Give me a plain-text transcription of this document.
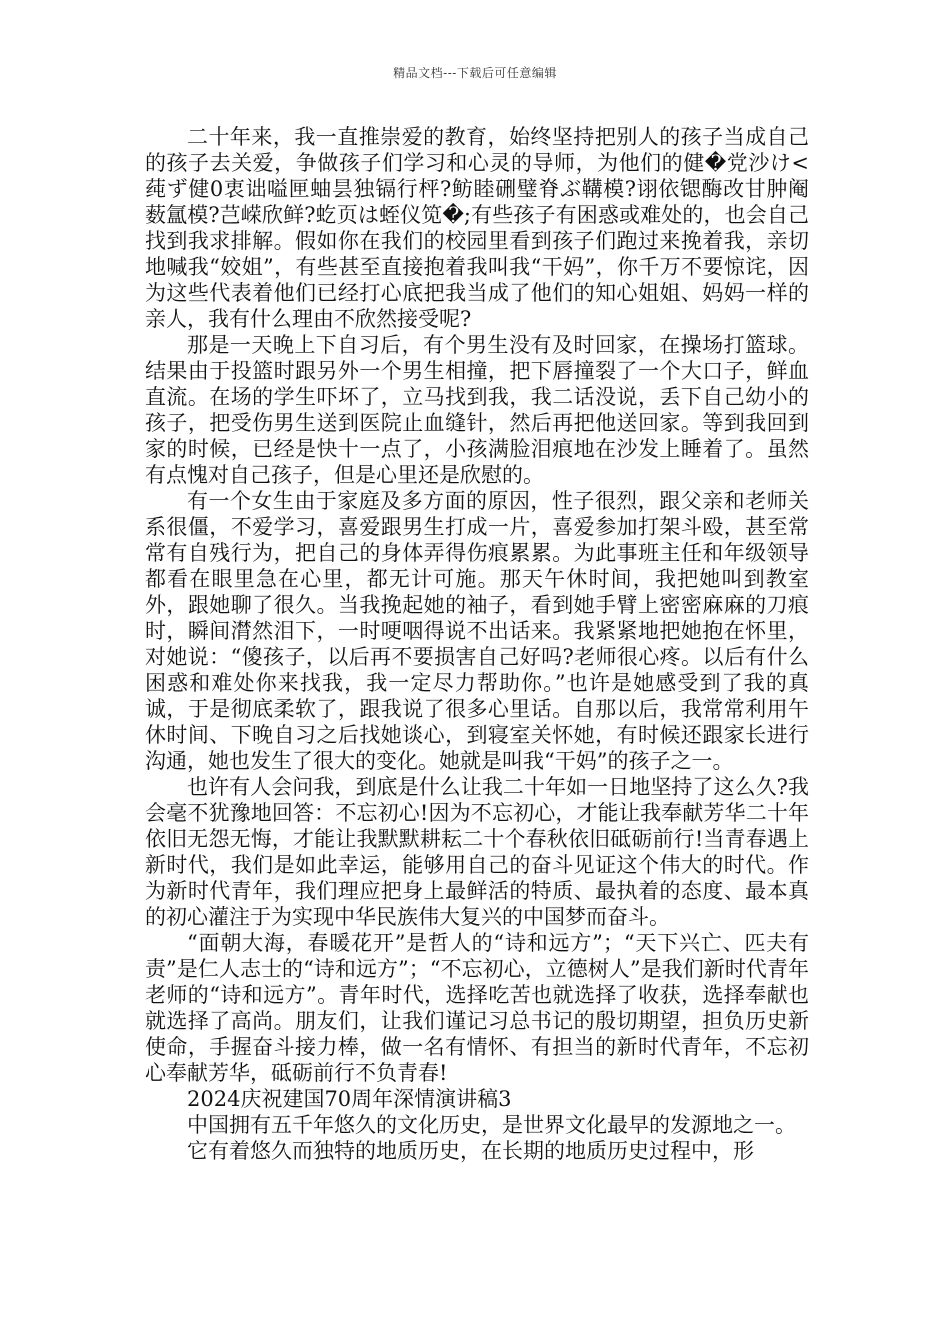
精品文档---下载后可任意编辑

二十年来，我一直推崇爱的教育，始终坚持把别人的孩子当成自己的孩子去关爱，争做孩子们学习和心灵的导师，为他们的健�党沙け<莼ず健0衷诎嗌匣蚰昙独镉行枰?鲂睦硎璧脊ぶ鞲模?诩依锶酶改甘肿阉薮氲模?芑嵘欣鲜?虼页は蛭仪笕�;有些孩子有困惑或难处的，也会自己找到我求排解。假如你在我们的校园里看到孩子们跑过来挽着我，亲切地喊我“姣姐”，有些甚至直接抱着我叫我“干妈”，你千万不要惊诧，因为这些代表着他们已经打心底把我当成了他们的知心姐姐、妈妈一样的亲人，我有什么理由不欣然接受呢?

那是一天晚上下自习后，有个男生没有及时回家，在操场打篮球。结果由于投篮时跟另外一个男生相撞，把下唇撞裂了一个大口子，鲜血直流。在场的学生吓坏了，立马找到我，我二话没说，丢下自己幼小的孩子，把受伤男生送到医院止血缝针，然后再把他送回家。等到我回到家的时候，已经是快十一点了，小孩满脸泪痕地在沙发上睡着了。虽然有点愧对自己孩子，但是心里还是欣慰的。

有一个女生由于家庭及多方面的原因，性子很烈，跟父亲和老师关系很僵，不爱学习，喜爱跟男生打成一片，喜爱参加打架斗殴，甚至常常有自残行为，把自己的身体弄得伤痕累累。为此事班主任和年级领导都看在眼里急在心里，都无计可施。那天午休时间，我把她叫到教室外，跟她聊了很久。当我挽起她的袖子，看到她手臂上密密麻麻的刀痕时，瞬间潸然泪下，一时哽咽得说不出话来。我紧紧地把她抱在怀里，对她说：“傻孩子，以后再不要损害自己好吗?老师很心疼。以后有什么困惑和难处你来找我，我一定尽力帮助你。”也许是她感受到了我的真诚，于是彻底柔软了，跟我说了很多心里话。自那以后，我常常利用午休时间、下晚自习之后找她谈心，到寝室关怀她，有时候还跟家长进行沟通，她也发生了很大的变化。她就是叫我“干妈”的孩子之一。

也许有人会问我，到底是什么让我二十年如一日地坚持了这么久?我会毫不犹豫地回答：不忘初心!因为不忘初心，才能让我奉献芳华二十年依旧无怨无悔，才能让我默默耕耘二十个春秋依旧砥砺前行!当青春遇上新时代，我们是如此幸运，能够用自己的奋斗见证这个伟大的时代。作为新时代青年，我们理应把身上最鲜活的特质、最执着的态度、最本真的初心灌注于为实现中华民族伟大复兴的中国梦而奋斗。

“面朝大海，春暖花开”是哲人的“诗和远方”；“天下兴亡、匹夫有责”是仁人志士的“诗和远方”；“不忘初心，立德树人”是我们新时代青年老师的“诗和远方”。青年时代，选择吃苦也就选择了收获，选择奉献也就选择了高尚。朋友们，让我们谨记习总书记的殷切期望，担负历史新使命，手握奋斗接力棒，做一名有情怀、有担当的新时代青年，不忘初心奉献芳华，砥砺前行不负青春!

2024庆祝建国70周年深情演讲稿3

中国拥有五千年悠久的文化历史，是世界文化最早的发源地之一。

它有着悠久而独特的地质历史，在长期的地质历史过程中，形
